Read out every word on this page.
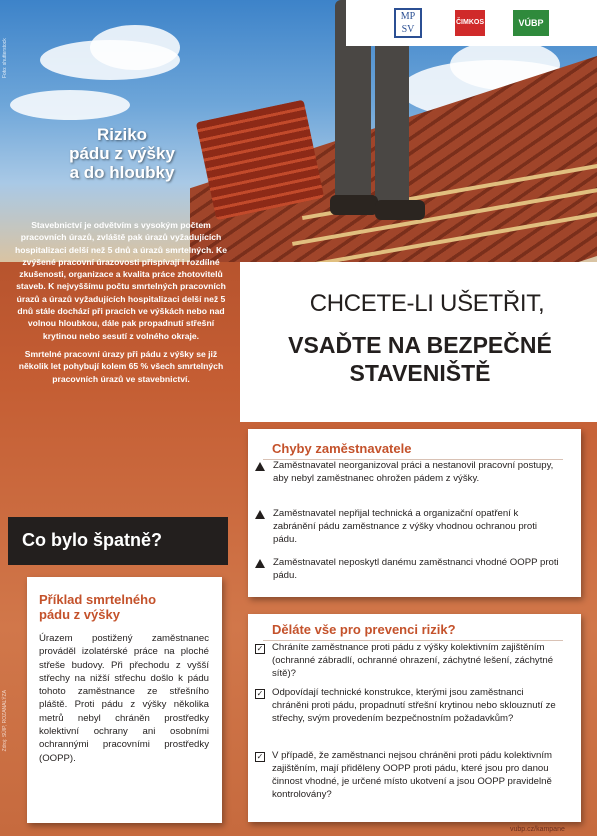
Foto: shutterstock
MP SV
ČIMKOS	VÚBP
Riziko
pádu z výšky
a do hloubky

Stavebnictví je odvětvím s vysokým počtem pracovních úrazů, zvláště pak úrazů vyžadujících hospitalizaci delší než 5 dnů a úrazů smrtelných. Ke zvýšené pracovní úrazovosti přispívají i rozdílné zkušenosti, organizace a kvalita práce zhotovitelů staveb. K nejvyššímu počtu smrtelných pracovních úrazů a úrazů vyžadujících hospitalizaci delší než 5 dnů stále dochází při pracích ve výškách nebo nad volnou hloubkou, dále pak propadnutí střešní krytinou nebo sesutí z volného okraje.

Smrtelné pracovní úrazy při pádu z výšky se již několik let pohybují kolem 65 % všech smrtelných pracovních úrazů ve stavebnictví.

Co bylo špatně?
CHCETE-LI UŠETŘIT,
VSAĎTE NA BEZPEČNÉ
STAVENIŠTĚ
Chyby zaměstnavatele
Zaměstnavatel neorganizoval práci a nestanovil pracovní postupy, aby nebyl zaměstnanec ohrožen pádem z výšky.
Zaměstnavatel nepřijal technická a organizační opatření k zabránění pádu zaměstnance z výšky vhodnou ochranou proti pádu.
Zaměstnavatel neposkytl danému zaměstnanci vhodné OOPP proti pádu.
Děláte vše pro prevenci rizik?
✓ Chráníte zaměstnance proti pádu z výšky kolektivním zajištěním (ochranné zábradlí, ochranné ohrazení, záchytné lešení, záchytné sítě)?
✓ Odpovídají technické konstrukce, kterými jsou zaměstnanci chráněni proti pádu, propadnutí střešní krytinou nebo sklouznutí ze střechy, svým provedením bezpečnostním požadavkům?
✓ V případě, že zaměstnanci nejsou chráněni proti pádu kolektivním zajištěním, mají přiděleny OOPP proti pádu, které jsou pro danou činnost vhodné, je určené místo ukotvení a jsou OOPP pravidelně kontrolovány?
Příklad smrtelného
pádu z výšky
Úrazem postižený zaměstnanec prováděl izolatérské práce na ploché střeše budovy. Při přechodu z vyšší střechy na nižší střechu došlo k pádu tohoto zaměstnance ze střešního pláště. Proti pádu z výšky několika metrů nebyl chráněn prostředky kolektivní ochrany ani osobními ochrannými pracovními prostředky (OOPP).
Zdroj: SÚIP, ROZANALÝZA
vubp.cz/kampane
